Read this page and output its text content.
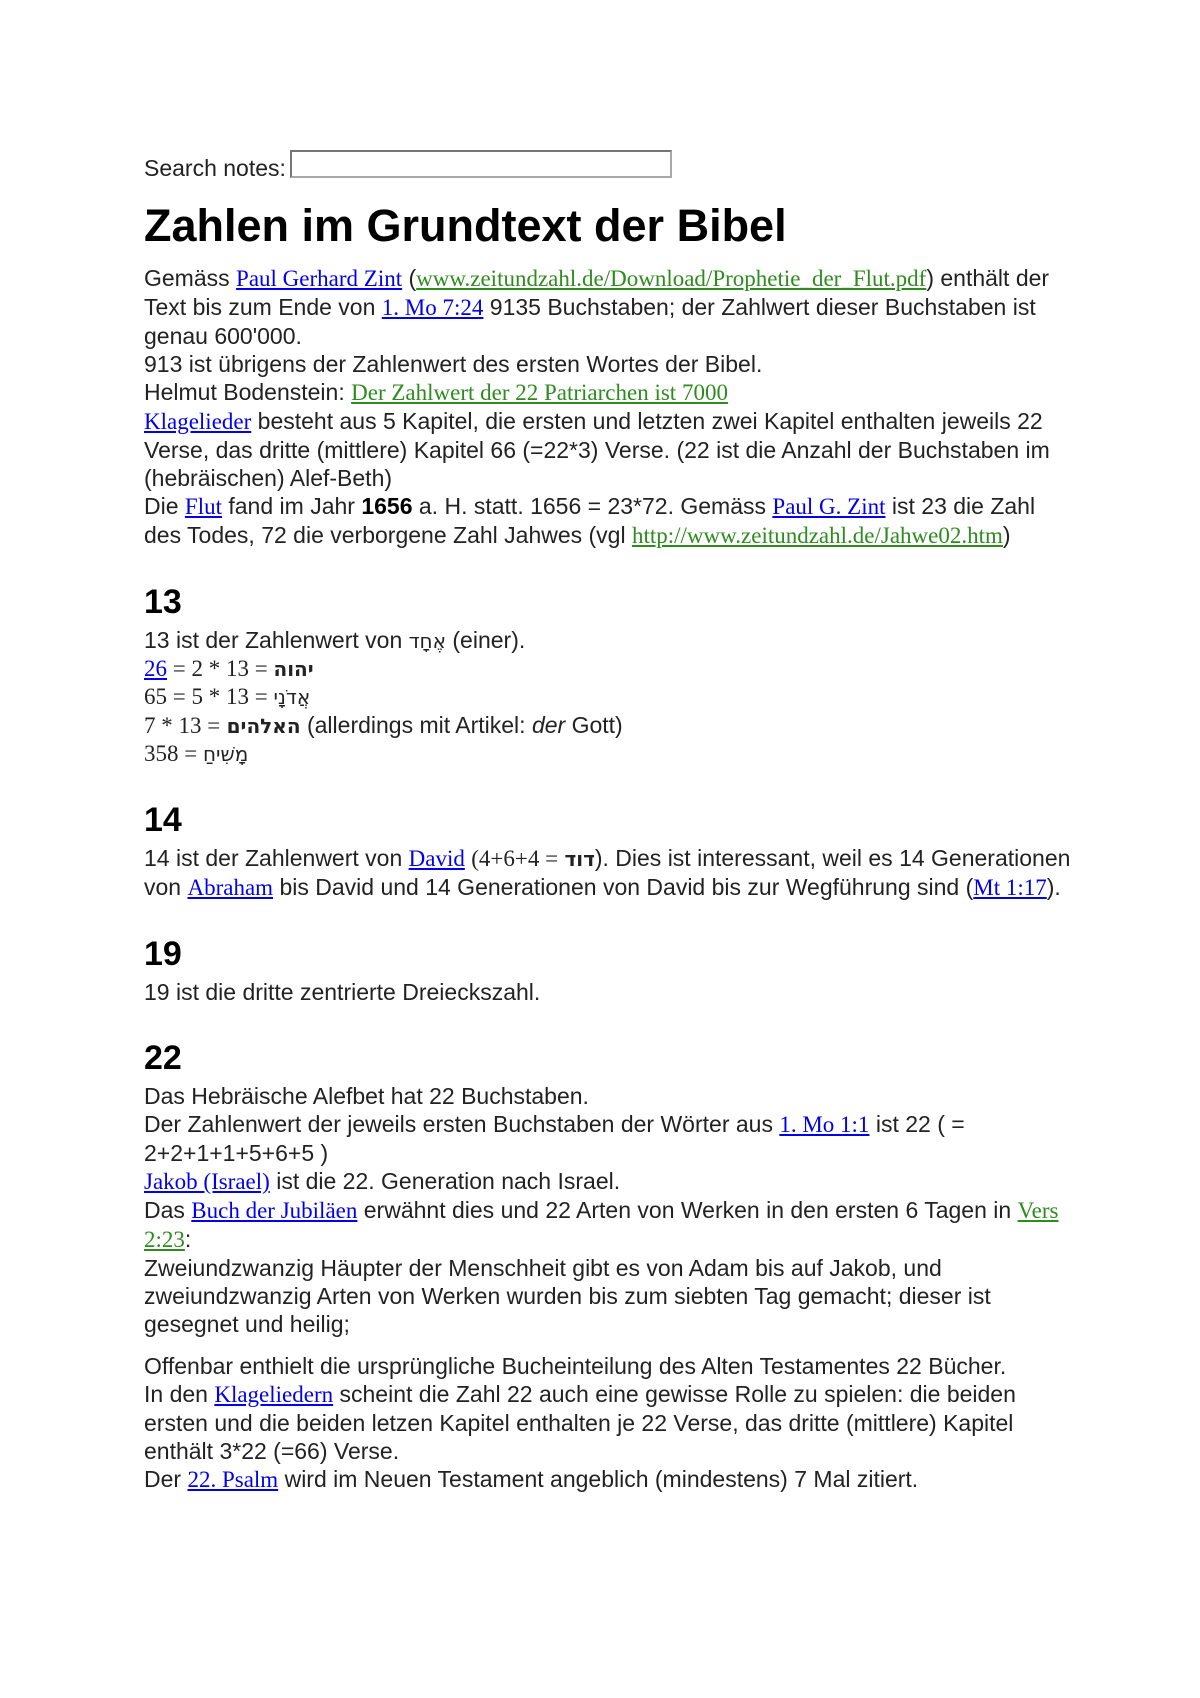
Search notes:
Zahlen im Grundtext der Bibel

Gemäss Paul Gerhard Zint (www.zeitundzahl.de/Download/Prophetie_der_Flut.pdf) enthält der Text bis zum Ende von 1. Mo 7:24 9135 Buchstaben; der Zahlwert dieser Buchstaben ist genau 600'000.

913 ist übrigens der Zahlenwert des ersten Wortes der Bibel.

Helmut Bodenstein: Der Zahlwert der 22 Patriarchen ist 7000

Klagelieder besteht aus 5 Kapitel, die ersten und letzten zwei Kapitel enthalten jeweils 22 Verse, das dritte (mittlere) Kapitel 66 (=22*3) Verse. (22 ist die Anzahl der Buchstaben im (hebräischen) Alef-Beth)

Die Flut fand im Jahr 1656 a. H. statt. 1656 = 23*72. Gemäss Paul G. Zint ist 23 die Zahl des Todes, 72 die verborgene Zahl Jahwes (vgl http://www.zeitundzahl.de/Jahwe02.htm)

13

13 ist der Zahlenwert von אֶחָד (einer).

26 = 2 * 13 = יהוה

65 = 5 * 13 = אֲדֹנָי

7 * 13 = האלהים (allerdings mit Artikel: der Gott)

358 = מָשִׁיחַ

14

14 ist der Zahlenwert von David (4+6+4 = דוד). Dies ist interessant, weil es 14 Generationen von Abraham bis David und 14 Generationen von David bis zur Wegführung sind (Mt 1:17).

19

19 ist die dritte zentrierte Dreieckszahl.

22

Das Hebräische Alefbet hat 22 Buchstaben.

Der Zahlenwert der jeweils ersten Buchstaben der Wörter aus 1. Mo 1:1 ist 22 ( = 2+2+1+1+5+6+5 )

Jakob (Israel) ist die 22. Generation nach Israel.

Das Buch der Jubiläen erwähnt dies und 22 Arten von Werken in den ersten 6 Tagen in Vers 2:23:

Zweiundzwanzig Häupter der Menschheit gibt es von Adam bis auf Jakob, und zweiundzwanzig Arten von Werken wurden bis zum siebten Tag gemacht; dieser ist gesegnet und heilig;

Offenbar enthielt die ursprüngliche Bucheinteilung des Alten Testamentes 22 Bücher.

In den Klageliedern scheint die Zahl 22 auch eine gewisse Rolle zu spielen: die beiden ersten und die beiden letzen Kapitel enthalten je 22 Verse, das dritte (mittlere) Kapitel enthält 3*22 (=66) Verse.

Der 22. Psalm wird im Neuen Testament angeblich (mindestens) 7 Mal zitiert.
